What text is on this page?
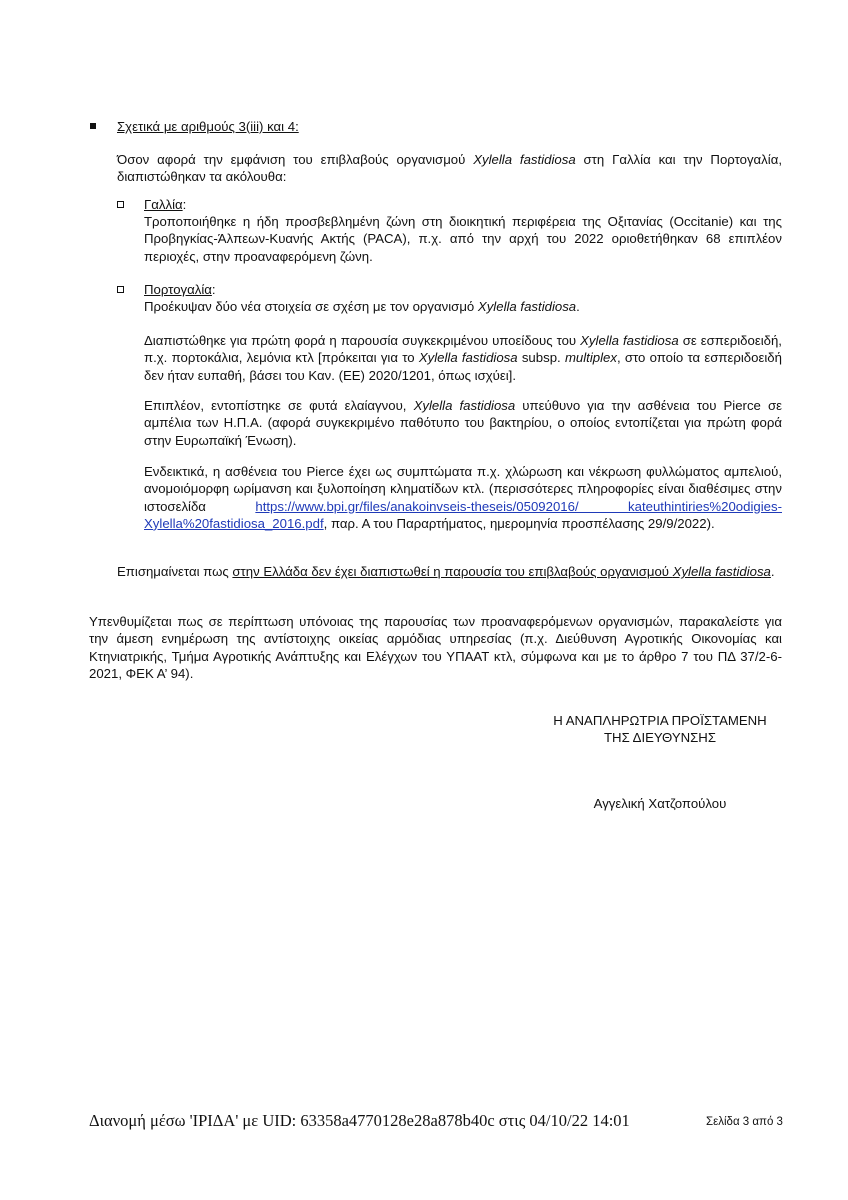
Σχετικά με αριθμούς 3(iii) και 4:
Όσον αφορά την εμφάνιση του επιβλαβούς οργανισμού Xylella fastidiosa στη Γαλλία και την Πορτογαλία, διαπιστώθηκαν τα ακόλουθα:
Γαλλία:
Τροποποιήθηκε η ήδη προσβεβλημένη ζώνη στη διοικητική περιφέρεια της Οξιτανίας (Occitanie) και της Προβηγκίας-Άλπεων-Κυανής Ακτής (PACA), π.χ. από την αρχή του 2022 οριοθετήθηκαν 68 επιπλέον περιοχές, στην προαναφερόμενη ζώνη.
Πορτογαλία:
Προέκυψαν δύο νέα στοιχεία σε σχέση με τον οργανισμό Xylella fastidiosa.
Διαπιστώθηκε για πρώτη φορά η παρουσία συγκεκριμένου υποείδους του Xylella fastidiosa σε εσπεριδοειδή, π.χ. πορτοκάλια, λεμόνια κτλ [πρόκειται για το Xylella fastidiosa subsp. multiplex, στο οποίο τα εσπεριδοειδή δεν ήταν ευπαθή, βάσει του Καν. (ΕΕ) 2020/1201, όπως ισχύει].
Επιπλέον, εντοπίστηκε σε φυτά ελαίαγνου, Xylella fastidiosa υπεύθυνο για την ασθένεια του Pierce σε αμπέλια των Η.Π.Α. (αφορά συγκεκριμένο παθότυπο του βακτηρίου, ο οποίος εντοπίζεται για πρώτη φορά στην Ευρωπαϊκή Ένωση).
Ενδεικτικά, η ασθένεια του Pierce έχει ως συμπτώματα π.χ. χλώρωση και νέκρωση φυλλώματος αμπελιού, ανομοιόμορφη ωρίμανση και ξυλοποίηση κληματίδων κτλ. (περισσότερες πληροφορίες είναι διαθέσιμες στην ιστοσελίδα https://www.bpi.gr/files/anakoinvseis-theseis/05092016/ kateuthintiries%20odigies-Xylella%20fastidiosa_2016.pdf, παρ. Α του Παραρτήματος, ημερομηνία προσπέλασης 29/9/2022).
Επισημαίνεται πως στην Ελλάδα δεν έχει διαπιστωθεί η παρουσία του επιβλαβούς οργανισμού Xylella fastidiosa.
Υπενθυμίζεται πως σε περίπτωση υπόνοιας της παρουσίας των προαναφερόμενων οργανισμών, παρακαλείστε για την άμεση ενημέρωση της αντίστοιχης οικείας αρμόδιας υπηρεσίας (π.χ. Διεύθυνση Αγροτικής Οικονομίας και Κτηνιατρικής, Τμήμα Αγροτικής Ανάπτυξης και Ελέγχων του ΥΠΑΑΤ κτλ, σύμφωνα και με το άρθρο 7 του ΠΔ 37/2-6-2021, ΦΕΚ Α’ 94).
Η ΑΝΑΠΛΗΡΩΤΡΙΑ ΠΡΟΪΣΤΑΜΕΝΗ
ΤΗΣ ΔΙΕΥΘΥΝΣΗΣ
Αγγελική Χατζοπούλου
Διανομή μέσω 'ΙΡΙΔΑ' με UID: 63358a4770128e28a878b40c στις 04/10/22 14:01	Σελίδα 3 από 3
